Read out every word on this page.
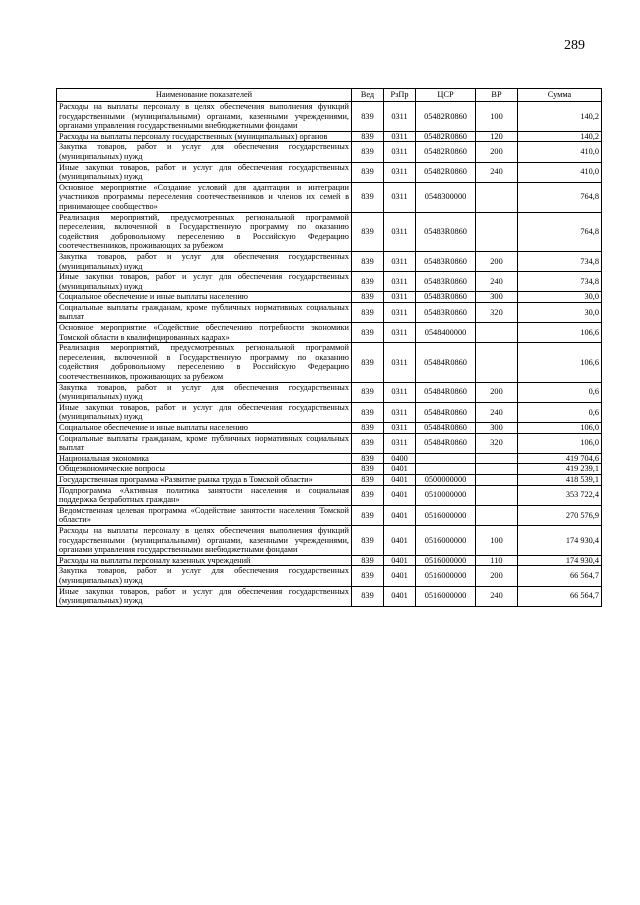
289
Наименование показателей	Вед	РзПр	ЦСР	ВР	Сумма
Расходы на выплаты персоналу в целях обеспечения выполнения функций государственными (муниципальными) органами, казенными учреждениями, органами управления государственными внебюджетными фондами	839	0311	05482R0860	100	140,2
Расходы на выплаты персоналу государственных (муниципальных) органов	839	0311	05482R0860	120	140,2
Закупка товаров, работ и услуг для обеспечения государственных (муниципальных) нужд	839	0311	05482R0860	200	410,0
Иные закупки товаров, работ и услуг для обеспечения государственных (муниципальных) нужд	839	0311	05482R0860	240	410,0
Основное мероприятие «Создание условий для адаптации и интеграции участников программы переселения соотечественников и членов их семей в принимающее сообщество»	839	0311	0548300000		764,8
Реализация мероприятий, предусмотренных региональной программой переселения, включенной в Государственную программу по оказанию содействия добровольному переселению в Российскую Федерацию соотечественников, проживающих за рубежом	839	0311	05483R0860		764,8
Закупка товаров, работ и услуг для обеспечения государственных (муниципальных) нужд	839	0311	05483R0860	200	734,8
Иные закупки товаров, работ и услуг для обеспечения государственных (муниципальных) нужд	839	0311	05483R0860	240	734,8
Социальное обеспечение и иные выплаты населению	839	0311	05483R0860	300	30,0
Социальные выплаты гражданам, кроме публичных нормативных социальных выплат	839	0311	05483R0860	320	30,0
Основное мероприятие «Содействие обеспечению потребности экономики Томской области в квалифицированных кадрах»	839	0311	0548400000		106,6
Реализация мероприятий, предусмотренных региональной программой переселения, включенной в Государственную программу по оказанию содействия добровольному переселению в Российскую Федерацию соотечественников, проживающих за рубежом	839	0311	05484R0860		106,6
Закупка товаров, работ и услуг для обеспечения государственных (муниципальных) нужд	839	0311	05484R0860	200	0,6
Иные закупки товаров, работ и услуг для обеспечения государственных (муниципальных) нужд	839	0311	05484R0860	240	0,6
Социальное обеспечение и иные выплаты населению	839	0311	05484R0860	300	106,0
Социальные выплаты гражданам, кроме публичных нормативных социальных выплат	839	0311	05484R0860	320	106,0
Национальная экономика	839	0400			419 704,6
Общеэкономические вопросы	839	0401			419 239,1
Государственная программа «Развитие рынка труда в Томской области»	839	0401	0500000000		418 539,1
Подпрограмма «Активная политика занятости населения и социальная поддержка безработных граждан»	839	0401	0510000000		353 722,4
Ведомственная целевая программа «Содействие занятости населения Томской области»	839	0401	0516000000		270 576,9
Расходы на выплаты персоналу в целях обеспечения выполнения функций государственными (муниципальными) органами, казенными учреждениями, органами управления государственными внебюджетными фондами	839	0401	0516000000	100	174 930,4
Расходы на выплаты персоналу казенных учреждений	839	0401	0516000000	110	174 930,4
Закупка товаров, работ и услуг для обеспечения государственных (муниципальных) нужд	839	0401	0516000000	200	66 564,7
Иные закупки товаров, работ и услуг для обеспечения государственных (муниципальных) нужд	839	0401	0516000000	240	66 564,7
